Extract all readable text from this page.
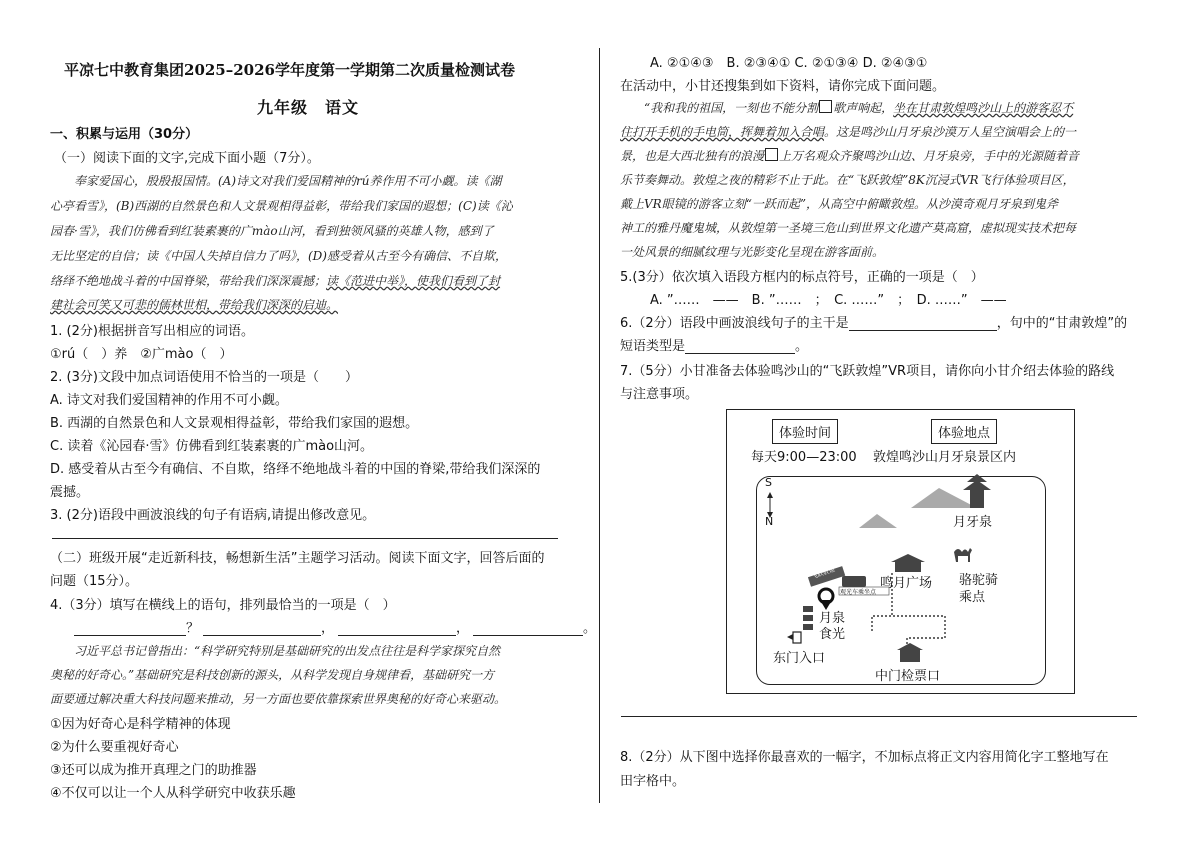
平凉七中教育集团2025–2026学年度第一学期第二次质量检测试卷
九年级　语文
一、积累与运用（30分）
（一）阅读下面的文字,完成下面小题（7分）。
　　奉家爱国心，殷殷报国情。(A)诗文对我们爱国精神的rú养作用不可小觑。读《湖
心亭看雪》，(B)西湖的自然景色和人文景观相得益彰，带给我们家国的遐想；(C)读《沁
园春·雪》，我们仿佛看到红装素裹的广mào山河，看到独领风骚的英雄人物，感到了
无比坚定的自信；读《中国人失掉自信力了吗》，(D)感受着从古至今有确信、不自欺，
络绎不绝地战斗着的中国脊梁，带给我们深深震撼；读《范进中举》，使我们看到了封
建社会可笑又可悲的儒林世相，带给我们深深的启迪。
1. (2分)根据拼音写出相应的词语。
①rú（　）养　②广mào（　）
2. (3分)文段中加点词语使用不恰当的一项是（　　）
A. 诗文对我们爱国精神的作用不可小觑。
B. 西湖的自然景色和人文景观相得益彰，带给我们家国的遐想。
C. 读着《沁园春·雪》仿佛看到红装素裹的广mào山河。
D. 感受着从古至今有确信、不自欺，络绎不绝地战斗着的中国的脊梁,带给我们深深的
震撼。
3. (2分)语段中画波浪线的句子有语病,请提出修改意见。
（二）班级开展“走近新科技，畅想新生活”主题学习活动。阅读下面文字，回答后面的
问题（15分）。
4.（3分）填写在横线上的语句，排列最恰当的一项是（　）
？	，	，	。
　　习近平总书记曾指出：“科学研究特别是基础研究的出发点往往是科学家探究自然
奥秘的好奇心。”基础研究是科技创新的源头，从科学发现自身规律看，基础研究一方
面要通过解决重大科技问题来推动，另一方面也要依靠探索世界奥秘的好奇心来驱动。
①因为好奇心是科学精神的体现
②为什么要重视好奇心
③还可以成为推开真理之门的助推器
④不仅可以让一个人从科学研究中收获乐趣
A. ②①④③　B. ②③④① C. ②①③④ D. ②④③①
在活动中，小甘还搜集到如下资料，请你完成下面问题。
　　“我和我的祖国，一刻也不能分割 歌声响起，坐在甘肃敦煌鸣沙山上的游客忍不
住打开手机的手电筒，挥舞着加入合唱。这是鸣沙山月牙泉沙漠万人星空演唱会上的一
景，也是大西北独有的浪漫 上万名观众齐聚鸣沙山边、月牙泉旁，手中的光源随着音
乐节奏舞动。敦煌之夜的精彩不止于此。在“飞跃敦煌”8K沉浸式VR飞行体验项目区，
戴上VR眼镜的游客立刻“一跃而起”，从高空中俯瞰敦煌。从沙漠奇观月牙泉到鬼斧
神工的雅丹魔鬼城，从敦煌第一圣境三危山到世界文化遗产莫高窟，虚拟现实技术把每
一处风景的细腻纹理与光影变化呈现在游客面前。
5.(3分）依次填入语段方框内的标点符号，正确的一项是（　）
A. ”……　——　B. ”……　；　C. ……”　；　D. ……”　——
6.（2分）语段中画波浪线句子的主干是	，句中的“甘肃敦煌”的
短语类型是	。
7.（5分）小甘准备去体验鸣沙山的“飞跃敦煌”VR项目，请你向小甘介绍去体验的路线
与注意事项。
体验时间
每天9:00—23:00
体验地点
敦煌鸣沙山月牙泉景区内
S
N	月牙泉
鸣月广场 骆驼骑
乘点
月泉
食光
东门入口
中门检票口
观光车乘坐点
飞跃敦煌
8.（2分）从下图中选择你最喜欢的一幅字，不加标点将正文内容用简化字工整地写在
田字格中。
